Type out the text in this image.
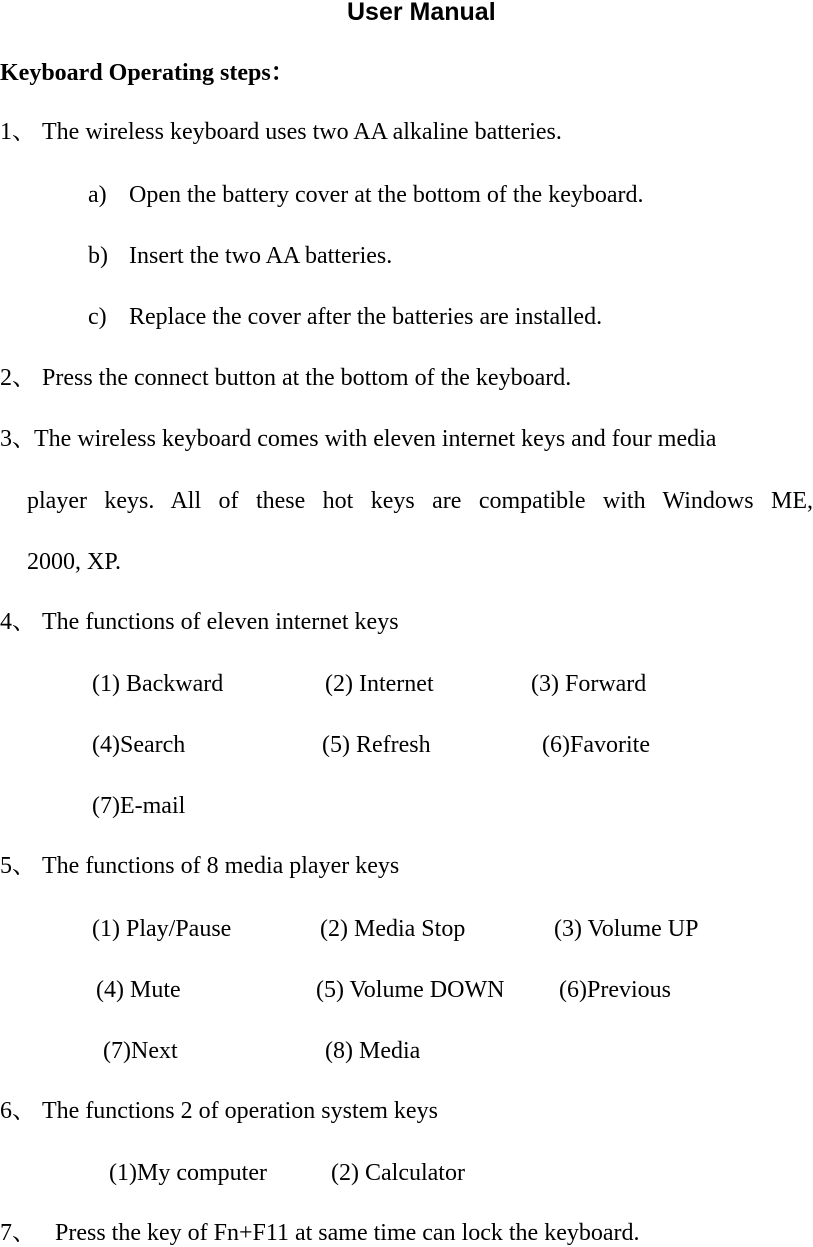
User Manual
Keyboard Operating steps：
1、 The wireless keyboard uses two AA alkaline batteries.
a) Open the battery cover at the bottom of the keyboard.
b) Insert the two AA batteries.
c) Replace the cover after the batteries are installed.
2、 Press the connect button at the bottom of the keyboard.
3、
The wireless keyboard comes with eleven internet keys and four media
player keys. All of these hot keys are compatible with Windows ME,
2000, XP.
4、 The functions of eleven internet keys
(1) Backward	(2) Internet	(3) Forward
(4)Search	(5) Refresh	(6)Favorite
(7)E-mail
5、 The functions of 8 media player keys
(1) Play/Pause	(2) Media Stop	(3) Volume UP
(4) Mute	(5) Volume DOWN (6)Previous
(7)Next	(8) Media
6、 The functions 2 of operation system keys
(1)My computer	(2) Calculator
7、 Press the key of Fn+F11 at same time can lock the keyboard.
